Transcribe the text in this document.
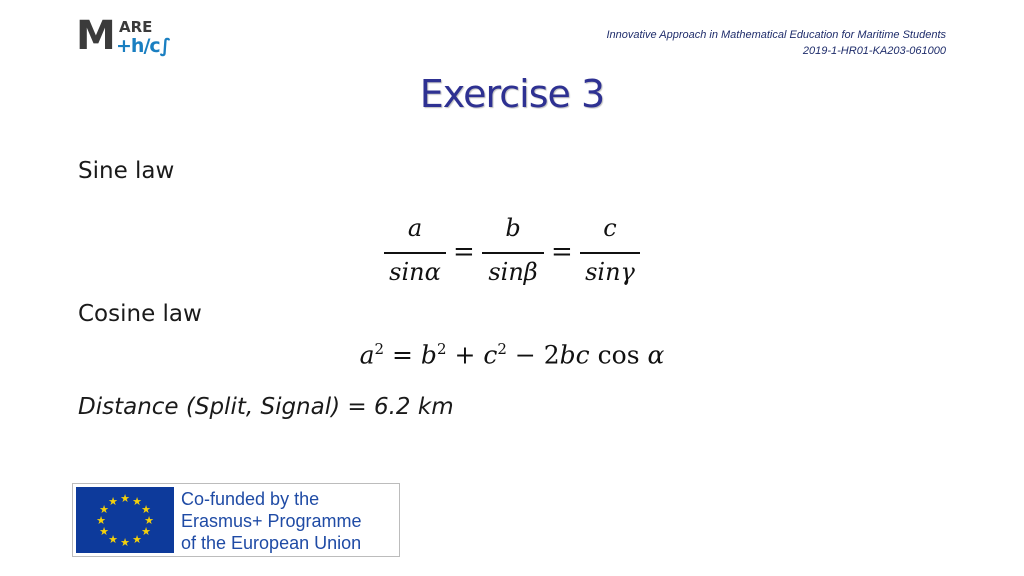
M ARE
+h/c∫	Innovative Approach in Mathematical Education for Maritime Students
2019-1-HR01-KA203-061000
Exercise 3
Sine law
a
sinα
=
b
sinβ
=
c
sinγ
Cosine law
$a^2 = b^2 + c^2 - 2bc$ cos α
Distance (Split, Signal) = 6.2 km
★ ★
★
★
★
★
★
★
★
★
★
★	Co-funded by the
Erasmus+ Programme
of the European Union
